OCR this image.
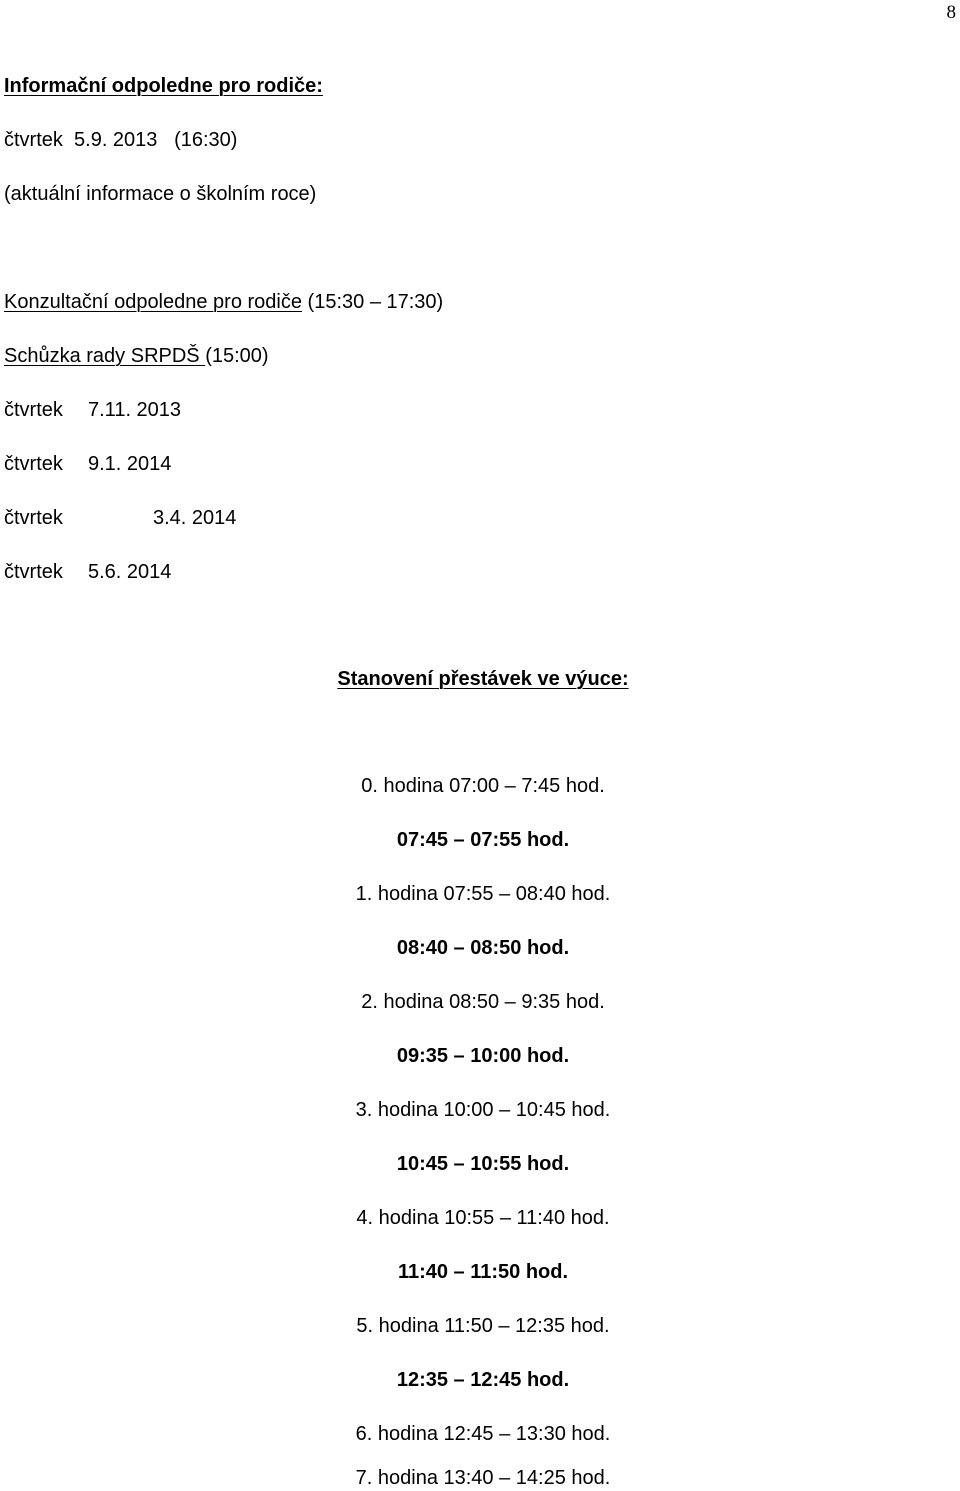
8
Informační odpoledne pro rodiče:
čtvrtek  5.9. 2013   (16:30)
(aktuální informace o školním roce)
Konzultační odpoledne pro rodiče (15:30 – 17:30)
Schůzka rady SRPDŠ (15:00)
čtvrtek 7.11. 2013
čtvrtek 9.1. 2014
čtvrtek	3.4. 2014
čtvrtek 5.6. 2014
Stanovení přestávek ve výuce:
0. hodina 07:00 – 7:45 hod.
07:45 – 07:55 hod.
1. hodina 07:55 – 08:40 hod.
08:40 – 08:50 hod.
2. hodina 08:50 – 9:35 hod.
09:35 – 10:00 hod.
3. hodina 10:00 – 10:45 hod.
10:45 – 10:55 hod.
4. hodina 10:55 – 11:40 hod.
11:40 – 11:50 hod.
5. hodina 11:50 – 12:35 hod.
12:35 – 12:45 hod.
6. hodina 12:45 – 13:30 hod.
7. hodina 13:40 – 14:25 hod.
